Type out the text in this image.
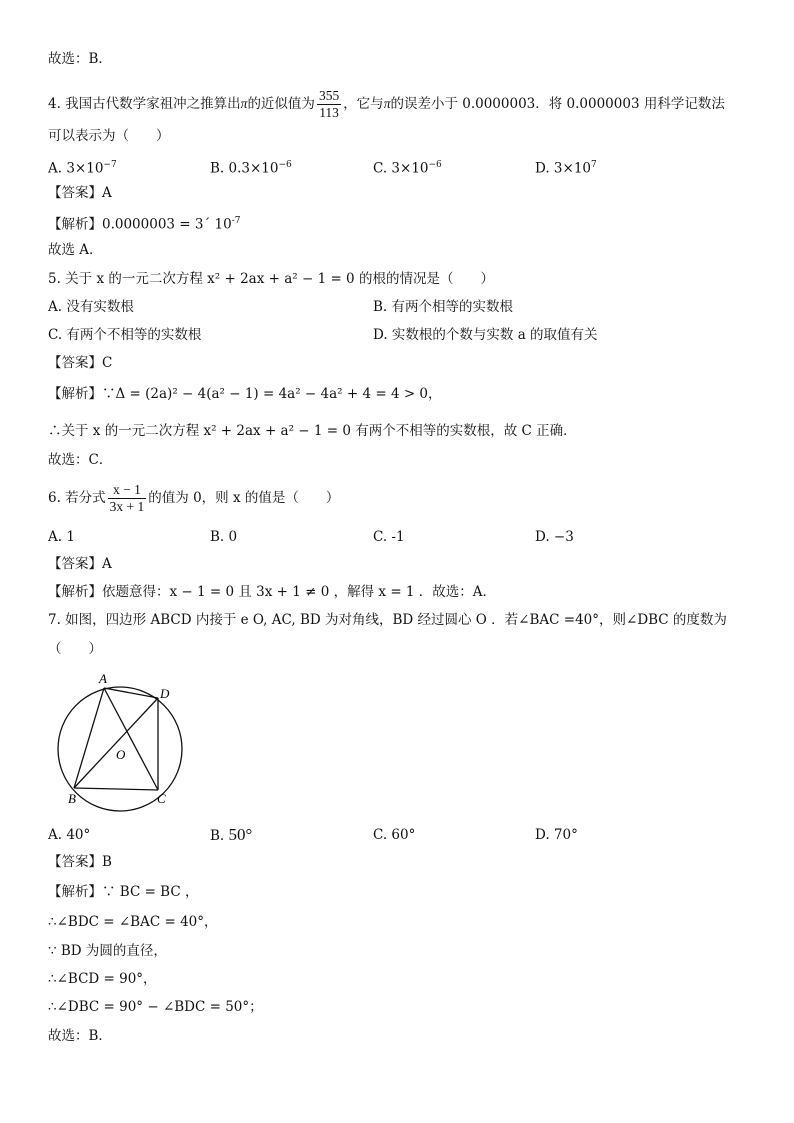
故选：B．
4. 我国古代数学家祖冲之推算出π的近似值为 $\frac{355}{113}$ ，它与π的误差小于 0.0000003．将 0.0000003 用科学记数法
可以表示为（　　）
A. $3\times 10^{-7}$	B. $0.3\times 10^{-6}$	C. $3\times 10^{-6}$	D. $3\times 10^7$
【答案】A
【解析】0.0000003 = 3´ $10^{-7}$
故选 A．
5. 关于 x 的一元二次方程 x² + 2ax + a² − 1 = 0 的根的情况是（　　）
A. 没有实数根	B. 有两个相等的实数根
C. 有两个不相等的实数根	D. 实数根的个数与实数 a 的取值有关
【答案】C
【解析】∵Δ = (2a)² − 4(a² − 1) = 4a² − 4a² + 4 = 4 > 0，
∴关于 x 的一元二次方程 x² + 2ax + a² − 1 = 0 有两个不相等的实数根，故 C 正确．
故选：C．
6. 若分式 $\frac{x - 1}{3x + 1}$ 的值为 0，则 x 的值是（　　）
A. 1	B. 0	C. -1	D. −3
【答案】A
【解析】依题意得：x − 1 = 0 且 3x + 1 ≠ 0 ，解得 x = 1 ．故选：A．
7. 如图，四边形 ABCD 内接于 e O, AC, BD 为对角线，BD 经过圆心 O ．若∠BAC =40°，则∠DBC 的度数为
（　　）
A
D
O
B	C
A. 40°	B. 50°	C. 60°	D. 70°
【答案】B
【解析】∵ BC = BC ，
∴∠BDC = ∠BAC = 40°，
∵ BD 为圆的直径，
∴∠BCD = 90°，
∴∠DBC = 90° − ∠BDC = 50°；
故选：B．
